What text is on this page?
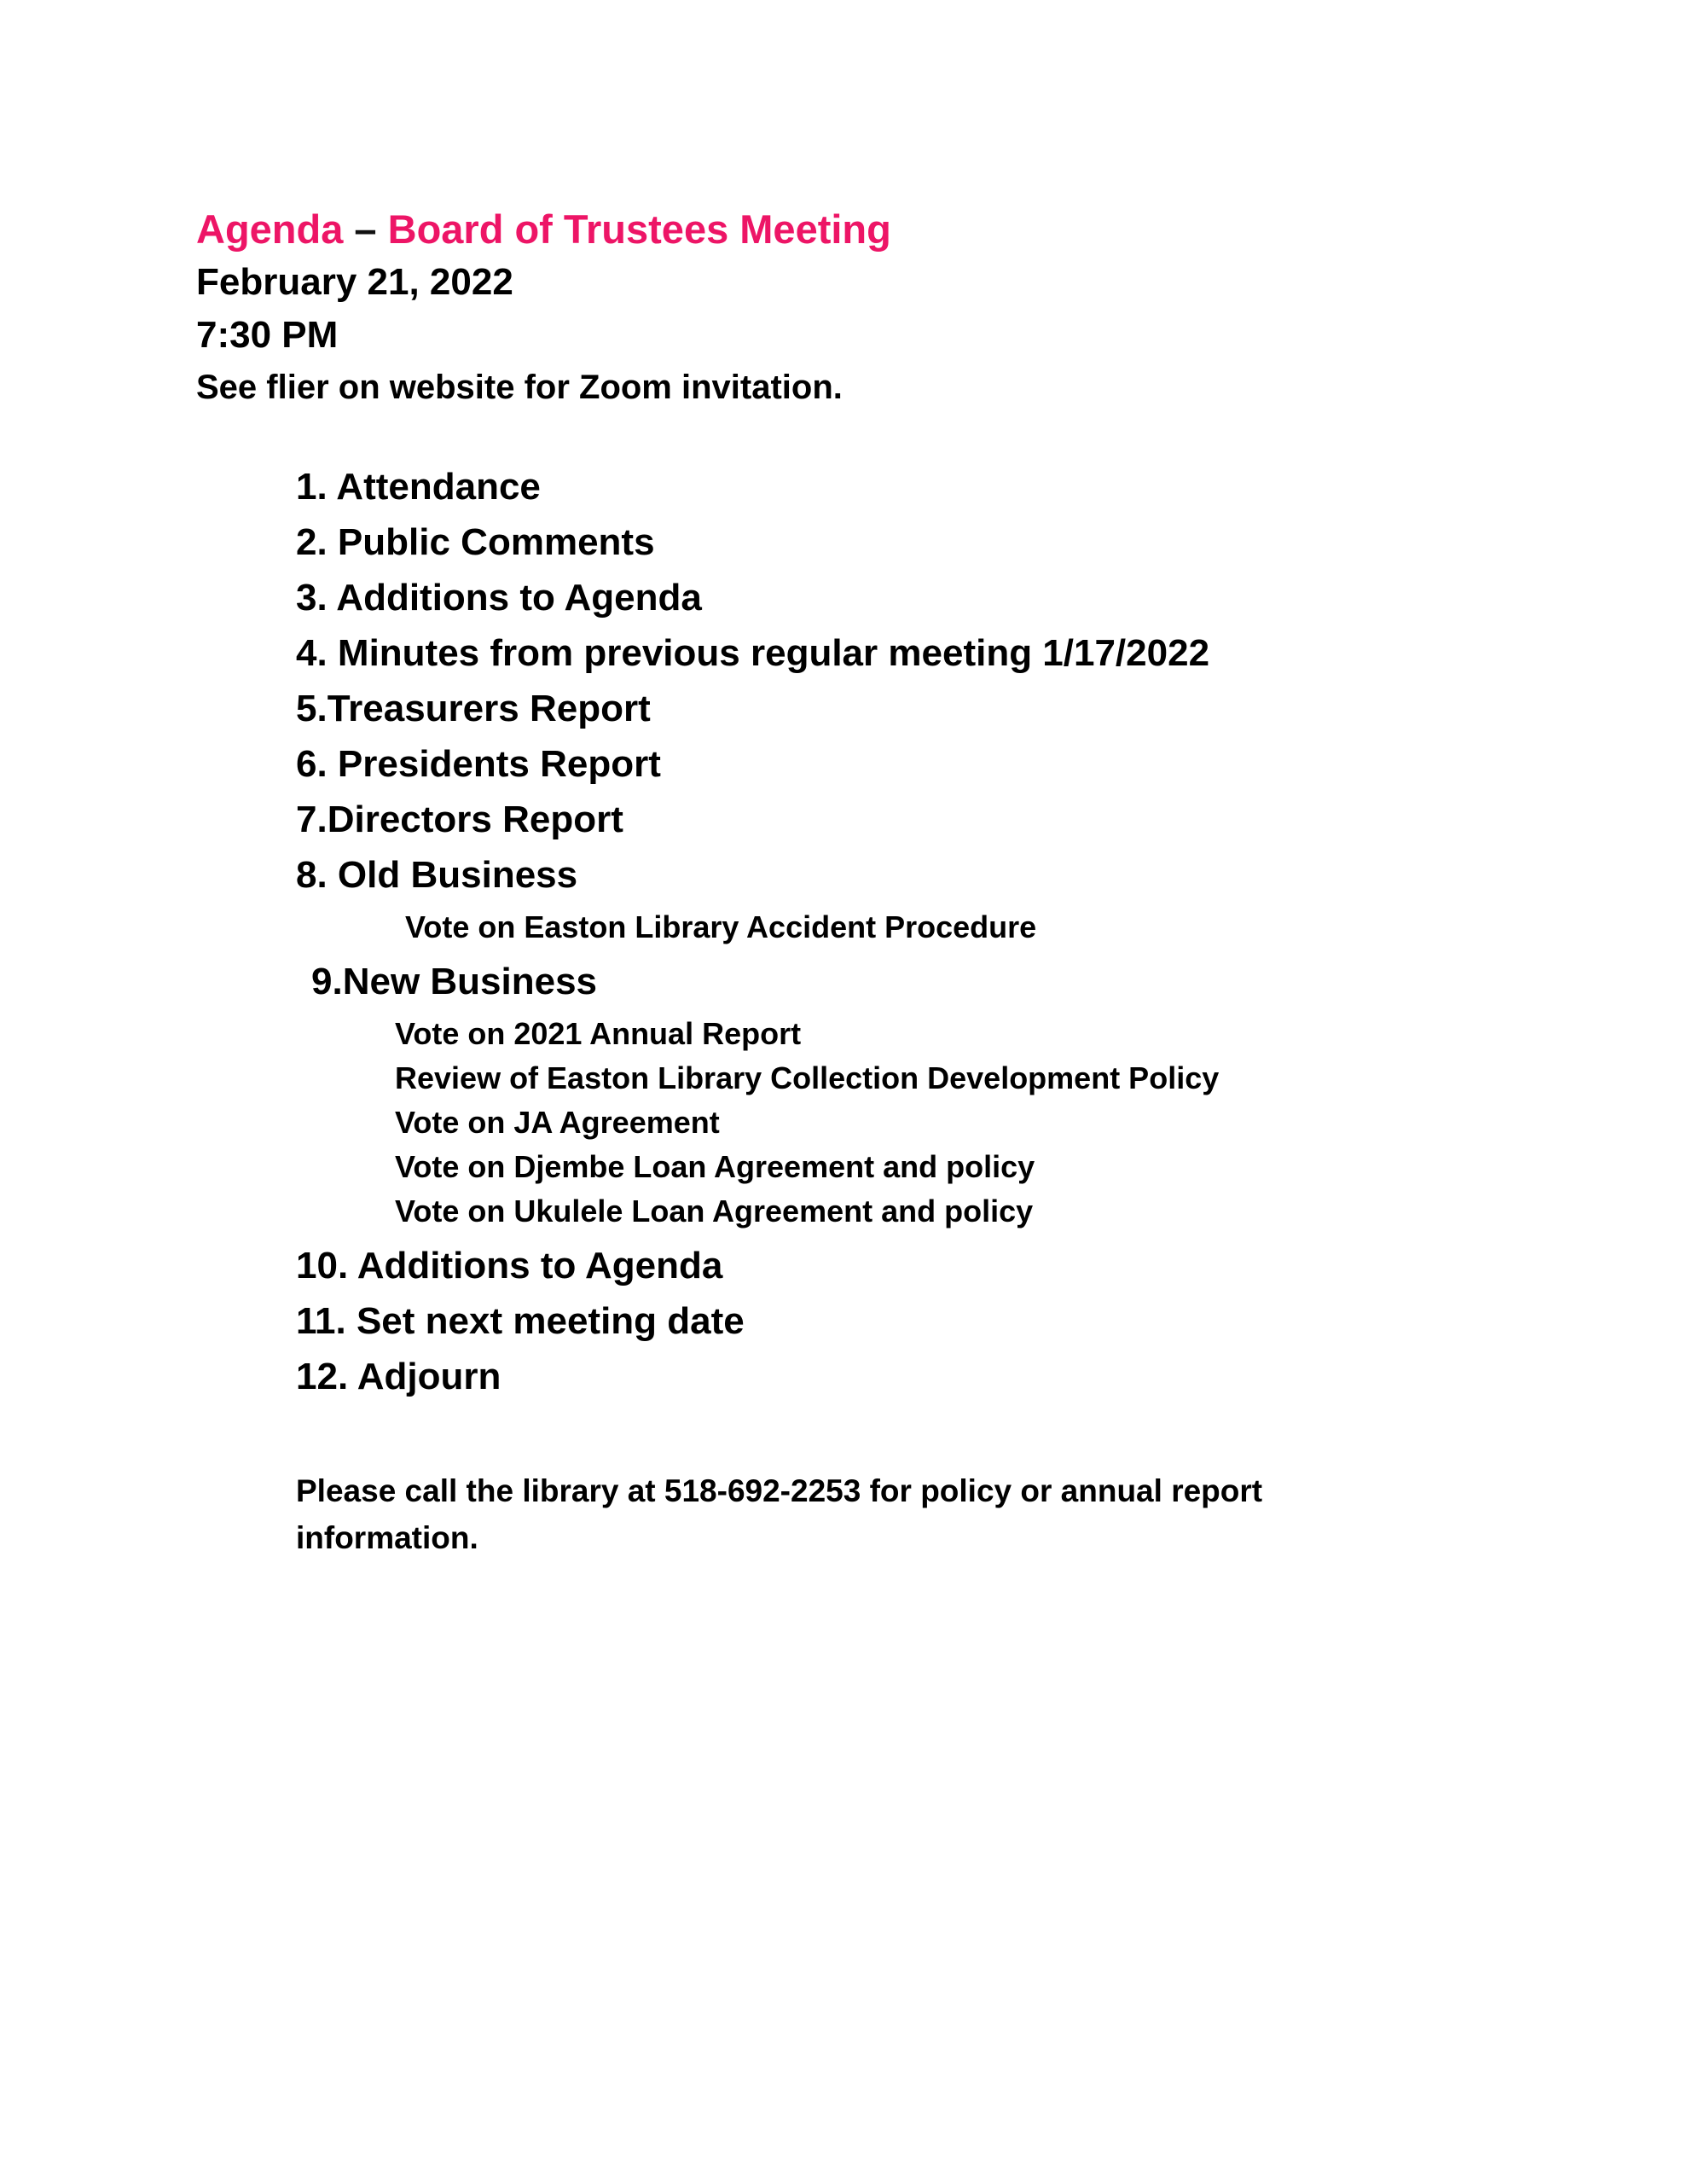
Agenda – Board of Trustees Meeting
February 21, 2022
7:30 PM
See flier on website for Zoom invitation.
1. Attendance
2. Public Comments
3. Additions to Agenda
4. Minutes from previous regular meeting 1/17/2022
5.Treasurers Report
6. Presidents Report
7.Directors Report
8. Old Business
Vote on Easton Library Accident Procedure
9.New Business
Vote on 2021 Annual Report
Review of Easton Library Collection Development Policy
Vote on JA Agreement
Vote on Djembe Loan Agreement and policy
Vote on Ukulele Loan Agreement and policy
10. Additions to Agenda
11. Set next meeting date
12. Adjourn
Please call the library at 518-692-2253 for policy or annual report information.
